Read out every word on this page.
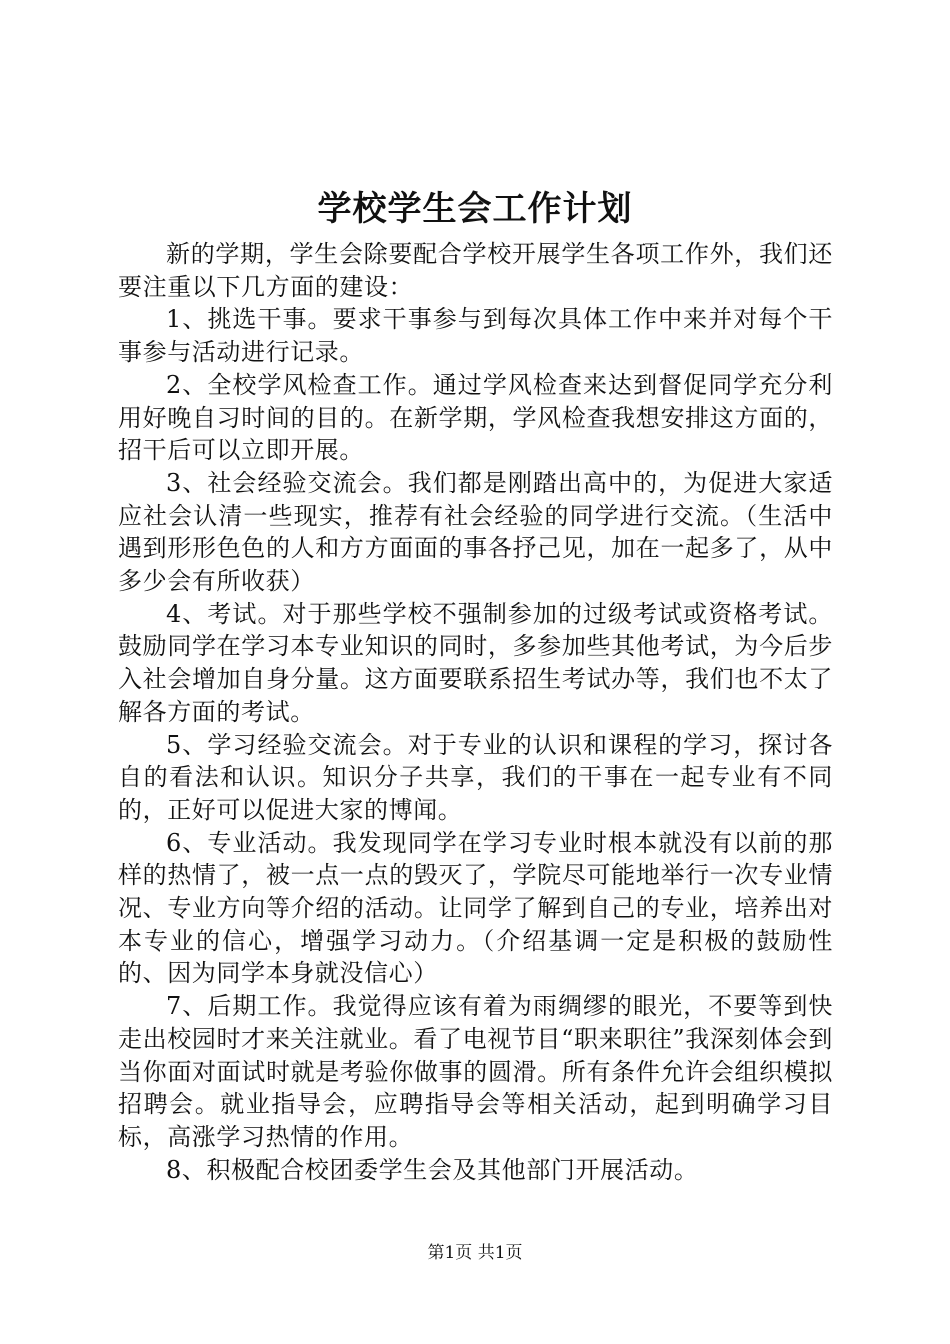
学校学生会工作计划

新的学期，学生会除要配合学校开展学生各项工作外，我们还要注重以下几方面的建设：

1、挑选干事。要求干事参与到每次具体工作中来并对每个干事参与活动进行记录。

2、全校学风检查工作。通过学风检查来达到督促同学充分利用好晚自习时间的目的。在新学期，学风检查我想安排这方面的，招干后可以立即开展。

3、社会经验交流会。我们都是刚踏出高中的，为促进大家适应社会认清一些现实，推荐有社会经验的同学进行交流。（生活中遇到形形色色的人和方方面面的事各抒己见，加在一起多了，从中多少会有所收获）

4、考试。对于那些学校不强制参加的过级考试或资格考试。鼓励同学在学习本专业知识的同时，多参加些其他考试，为今后步入社会增加自身分量。这方面要联系招生考试办等，我们也不太了解各方面的考试。

5、学习经验交流会。对于专业的认识和课程的学习，探讨各自的看法和认识。知识分子共享，我们的干事在一起专业有不同的，正好可以促进大家的博闻。

6、专业活动。我发现同学在学习专业时根本就没有以前的那样的热情了，被一点一点的毁灭了，学院尽可能地举行一次专业情况、专业方向等介绍的活动。让同学了解到自己的专业，培养出对本专业的信心，增强学习动力。（介绍基调一定是积极的鼓励性的、因为同学本身就没信心）

7、后期工作。我觉得应该有着为雨绸缪的眼光，不要等到快走出校园时才来关注就业。看了电视节目“职来职往”我深刻体会到当你面对面试时就是考验你做事的圆滑。所有条件允许会组织模拟招聘会。就业指导会，应聘指导会等相关活动，起到明确学习目标，高涨学习热情的作用。

8、积极配合校团委学生会及其他部门开展活动。

第1页 共1页
